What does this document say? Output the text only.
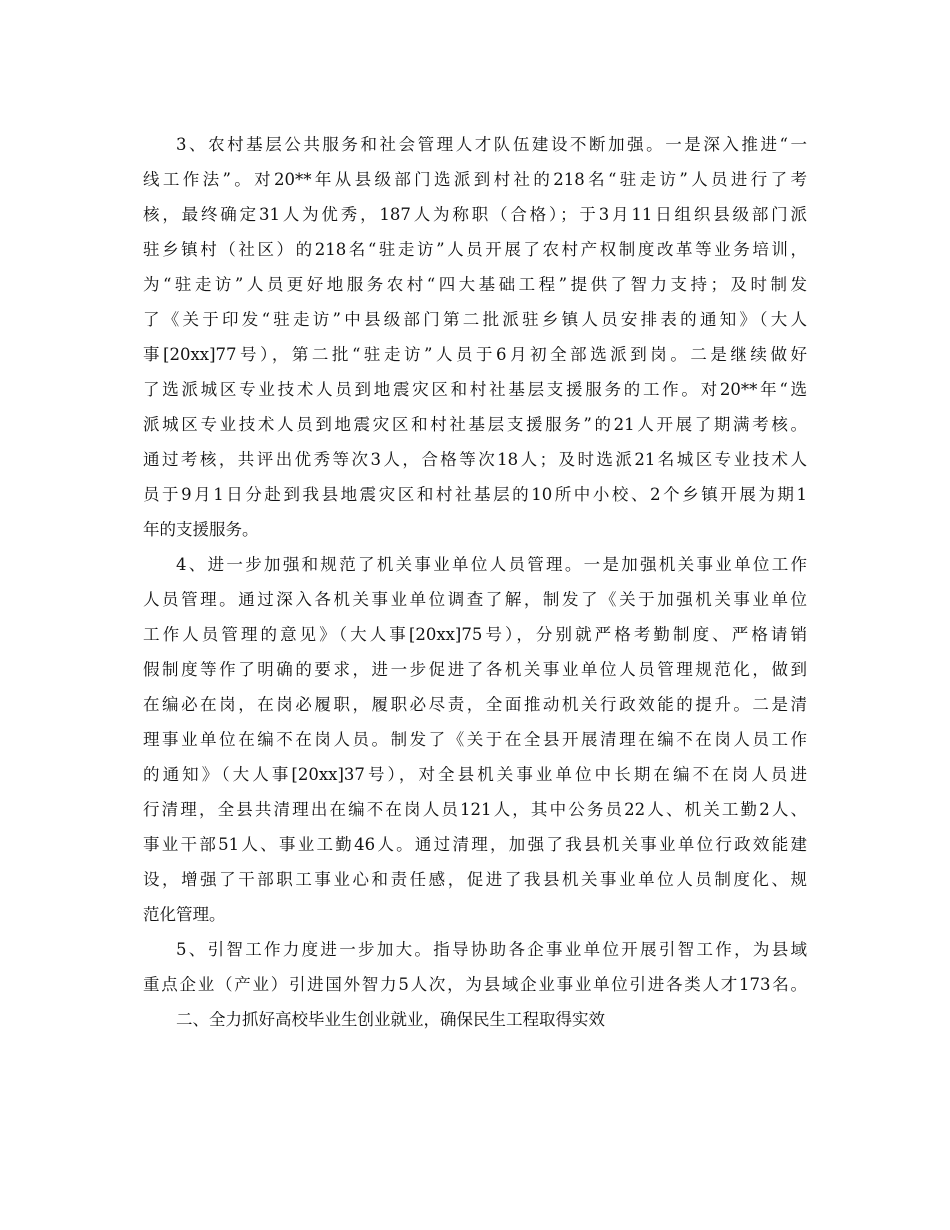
3、农村基层公共服务和社会管理人才队伍建设不断加强。一是深入推进“一
线工作法”。对20**年从县级部门选派到村社的218名“驻走访”人员进行了考
核，最终确定31人为优秀，187人为称职（合格）；于3月11日组织县级部门派
驻乡镇村（社区）的218名“驻走访”人员开展了农村产权制度改革等业务培训，
为“驻走访”人员更好地服务农村“四大基础工程”提供了智力支持；及时制发
了《关于印发“驻走访”中县级部门第二批派驻乡镇人员安排表的通知》（大人
事[20xx]77号），第二批“驻走访”人员于6月初全部选派到岗。二是继续做好
了选派城区专业技术人员到地震灾区和村社基层支援服务的工作。对20**年“选
派城区专业技术人员到地震灾区和村社基层支援服务”的21人开展了期满考核。
通过考核，共评出优秀等次3人，合格等次18人；及时选派21名城区专业技术人
员于9月1日分赴到我县地震灾区和村社基层的10所中小校、2个乡镇开展为期1
年的支援服务。
4、进一步加强和规范了机关事业单位人员管理。一是加强机关事业单位工作
人员管理。通过深入各机关事业单位调查了解，制发了《关于加强机关事业单位
工作人员管理的意见》（大人事[20xx]75号），分别就严格考勤制度、严格请销
假制度等作了明确的要求，进一步促进了各机关事业单位人员管理规范化，做到
在编必在岗，在岗必履职，履职必尽责，全面推动机关行政效能的提升。二是清
理事业单位在编不在岗人员。制发了《关于在全县开展清理在编不在岗人员工作
的通知》（大人事[20xx]37号），对全县机关事业单位中长期在编不在岗人员进
行清理，全县共清理出在编不在岗人员121人，其中公务员22人、机关工勤2人、
事业干部51人、事业工勤46人。通过清理，加强了我县机关事业单位行政效能建
设，增强了干部职工事业心和责任感，促进了我县机关事业单位人员制度化、规
范化管理。
5、引智工作力度进一步加大。指导协助各企事业单位开展引智工作，为县域
重点企业（产业）引进国外智力5人次，为县域企业事业单位引进各类人才173名。
二、全力抓好高校毕业生创业就业，确保民生工程取得实效
